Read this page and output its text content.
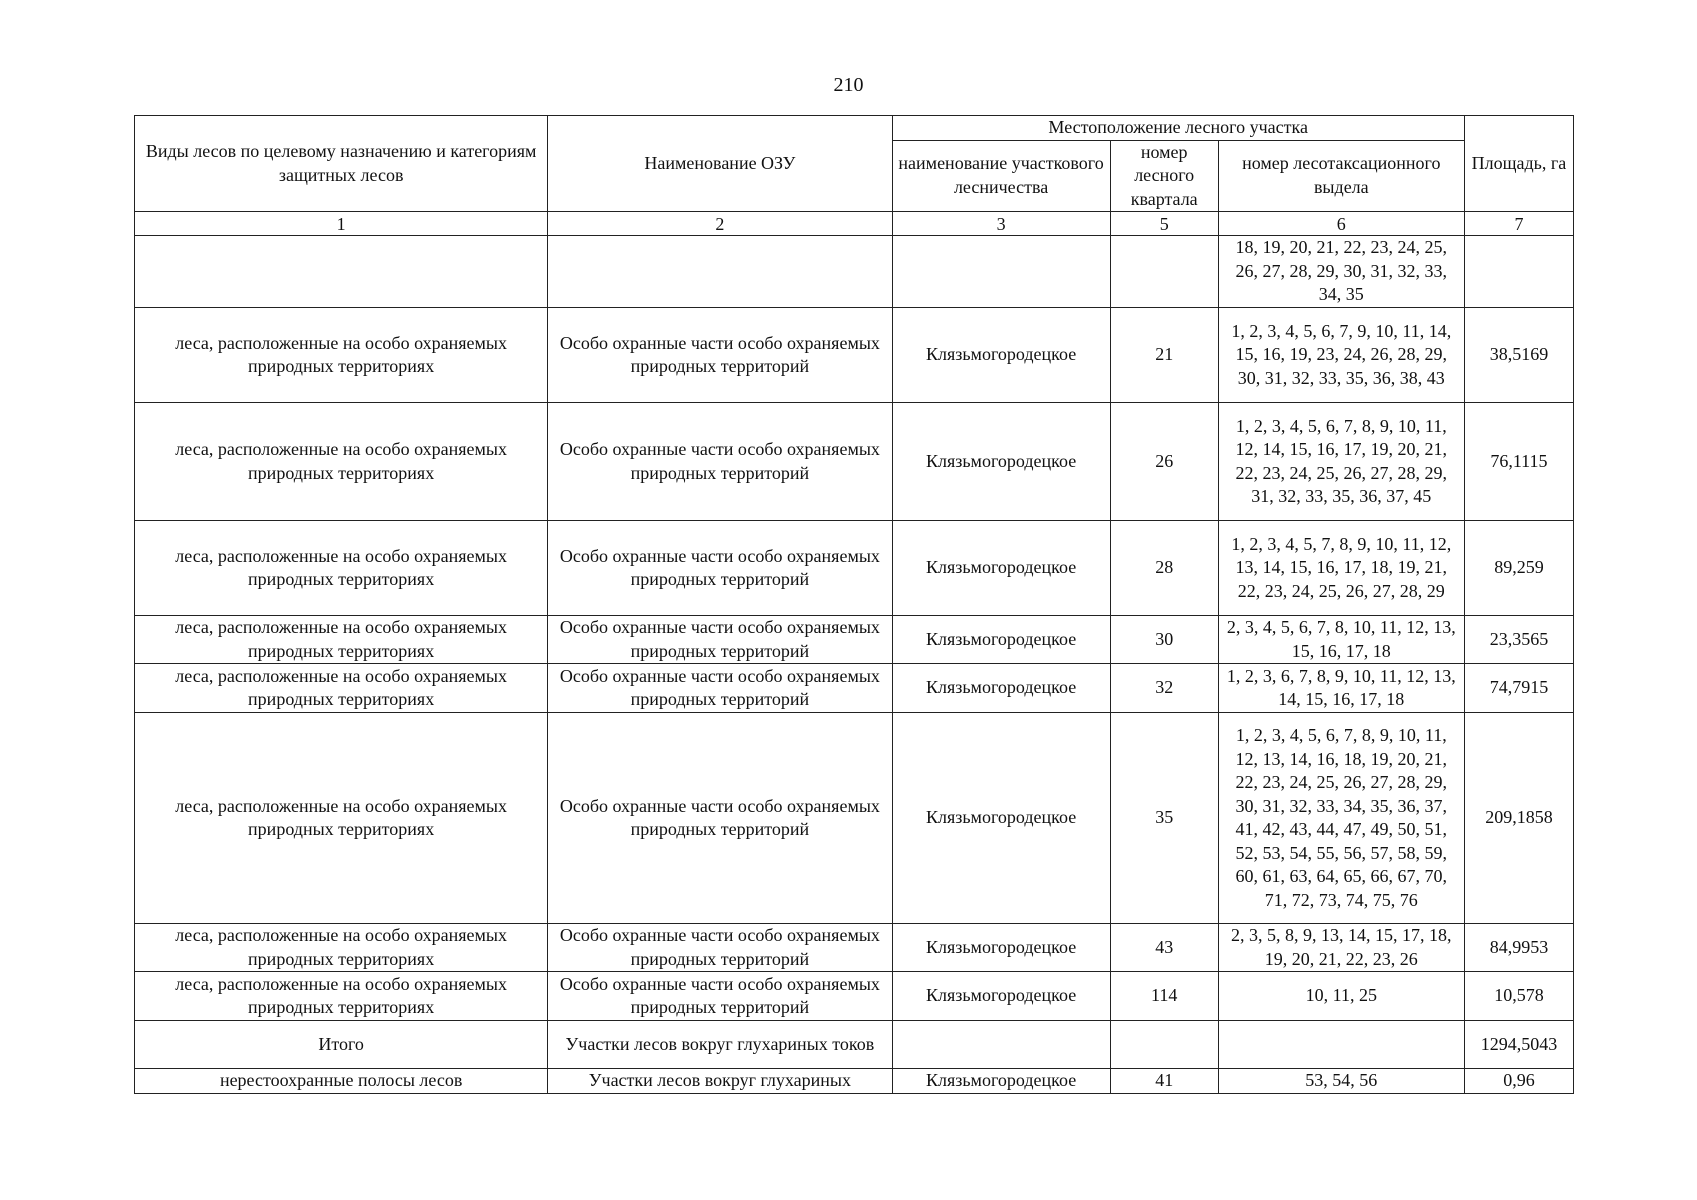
210
Виды лесов по целевому назначению и категориям защитных лесов	Наименование ОЗУ	Местоположение лесного участка			Площадь, га
		наименование участкового лесничества	номер лесного квартала	номер лесотаксационного выдела	
1	2	3	5	6	7
				18, 19, 20, 21, 22, 23, 24, 25, 26, 27, 28, 29, 30, 31, 32, 33, 34, 35	
леса, расположенные на особо охраняемых природных территориях	Особо охранные части особо охраняемых природных территорий	Клязьмогородецкое	21	1, 2, 3, 4, 5, 6, 7, 9, 10, 11, 14, 15, 16, 19, 23, 24, 26, 28, 29, 30, 31, 32, 33, 35, 36, 38, 43	38,5169
леса, расположенные на особо охраняемых природных территориях	Особо охранные части особо охраняемых природных территорий	Клязьмогородецкое	26	1, 2, 3, 4, 5, 6, 7, 8, 9, 10, 11, 12, 14, 15, 16, 17, 19, 20, 21, 22, 23, 24, 25, 26, 27, 28, 29, 31, 32, 33, 35, 36, 37, 45	76,1115
леса, расположенные на особо охраняемых природных территориях	Особо охранные части особо охраняемых природных территорий	Клязьмогородецкое	28	1, 2, 3, 4, 5, 7, 8, 9, 10, 11, 12, 13, 14, 15, 16, 17, 18, 19, 21, 22, 23, 24, 25, 26, 27, 28, 29	89,259
леса, расположенные на особо охраняемых природных территориях	Особо охранные части особо охраняемых природных территорий	Клязьмогородецкое	30	2, 3, 4, 5, 6, 7, 8, 10, 11, 12, 13, 15, 16, 17, 18	23,3565
леса, расположенные на особо охраняемых природных территориях	Особо охранные части особо охраняемых природных территорий	Клязьмогородецкое	32	1, 2, 3, 6, 7, 8, 9, 10, 11, 12, 13, 14, 15, 16, 17, 18	74,7915
леса, расположенные на особо охраняемых природных территориях	Особо охранные части особо охраняемых природных территорий	Клязьмогородецкое	35	1, 2, 3, 4, 5, 6, 7, 8, 9, 10, 11, 12, 13, 14, 16, 18, 19, 20, 21, 22, 23, 24, 25, 26, 27, 28, 29, 30, 31, 32, 33, 34, 35, 36, 37, 41, 42, 43, 44, 47, 49, 50, 51, 52, 53, 54, 55, 56, 57, 58, 59, 60, 61, 63, 64, 65, 66, 67, 70, 71, 72, 73, 74, 75, 76	209,1858
леса, расположенные на особо охраняемых природных территориях	Особо охранные части особо охраняемых природных территорий	Клязьмогородецкое	43	2, 3, 5, 8, 9, 13, 14, 15, 17, 18, 19, 20, 21, 22, 23, 26	84,9953
леса, расположенные на особо охраняемых природных территориях	Особо охранные части особо охраняемых природных территорий	Клязьмогородецкое	114	10, 11, 25	10,578
Итого	Участки лесов вокруг глухариных токов				1294,5043
нерестоохранные полосы лесов	Участки лесов вокруг глухариных	Клязьмогородецкое	41	53, 54, 56	0,96
